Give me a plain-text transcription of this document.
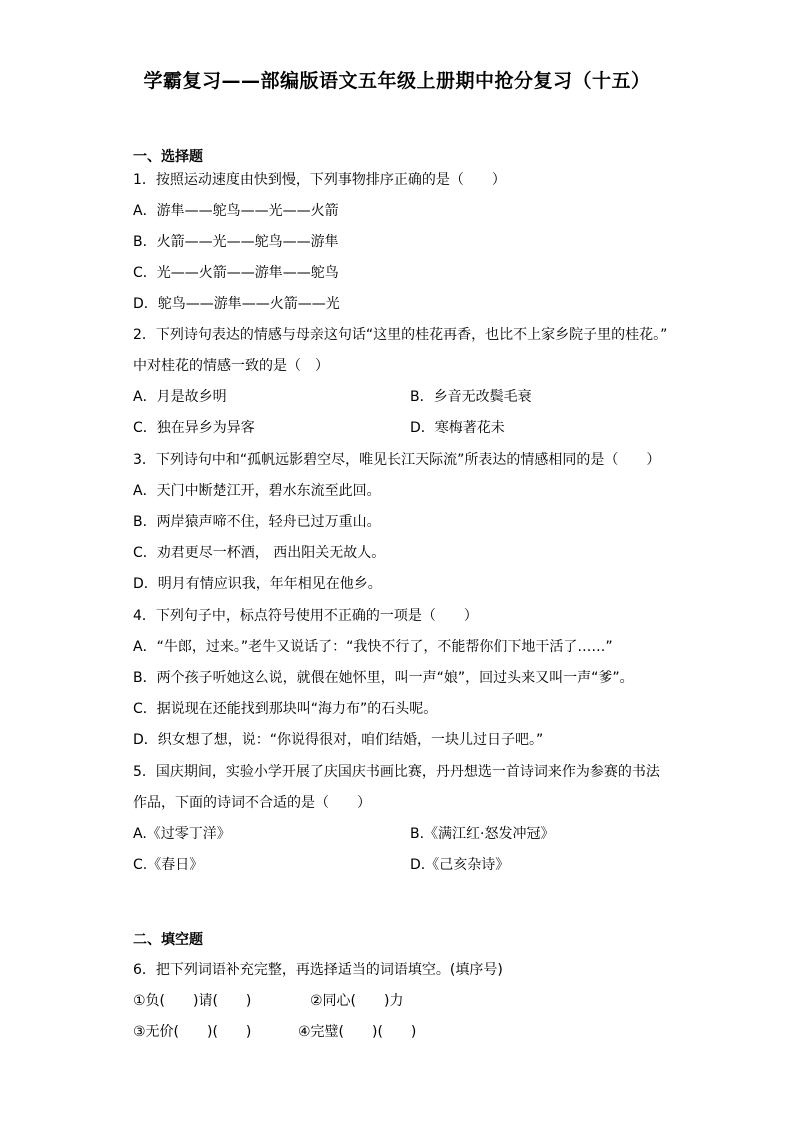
学霸复习——部编版语文五年级上册期中抢分复习（十五）
一、选择题
1．按照运动速度由快到慢，下列事物排序正确的是（　　）
A．游隼——鸵鸟——光——火箭
B．火箭——光——鸵鸟——游隼
C．光——火箭——游隼——鸵鸟
D．鸵鸟——游隼——火箭——光
2．下列诗句表达的情感与母亲这句话“这里的桂花再香，也比不上家乡院子里的桂花。”
中对桂花的情感一致的是（　）
A．月是故乡明	B．乡音无改鬓毛衰
C．独在异乡为异客	D．寒梅著花未
3．下列诗句中和“孤帆远影碧空尽，唯见长江天际流”所表达的情感相同的是（　　）
A．天门中断楚江开，碧水东流至此回。
B．两岸猿声啼不住，轻舟已过万重山。
C．劝君更尽一杯酒， 西出阳关无故人。
D．明月有情应识我，年年相见在他乡。
4．下列句子中，标点符号使用不正确的一项是（　　）
A．“牛郎，过来。”老牛又说话了：“我快不行了，不能帮你们下地干活了……”
B．两个孩子听她这么说，就偎在她怀里，叫一声“娘”，回过头来又叫一声“爹”。
C．据说现在还能找到那块叫“海力布”的石头呢。
D．织女想了想，说：“你说得很对，咱们结婚，一块儿过日子吧。”
5．国庆期间，实验小学开展了庆国庆书画比赛，丹丹想选一首诗词来作为参赛的书法
作品，下面的诗词不合适的是（　　）
A.《过零丁洋》	B.《满江红·怒发冲冠》
C.《春日》	D.《己亥杂诗》
二、填空题
6．把下列词语补充完整，再选择适当的词语填空。(填序号)
①负(　　)请(　　)	②同心(　　)力
③无价(　　)(　　)	④完璧(　　)(　　)
